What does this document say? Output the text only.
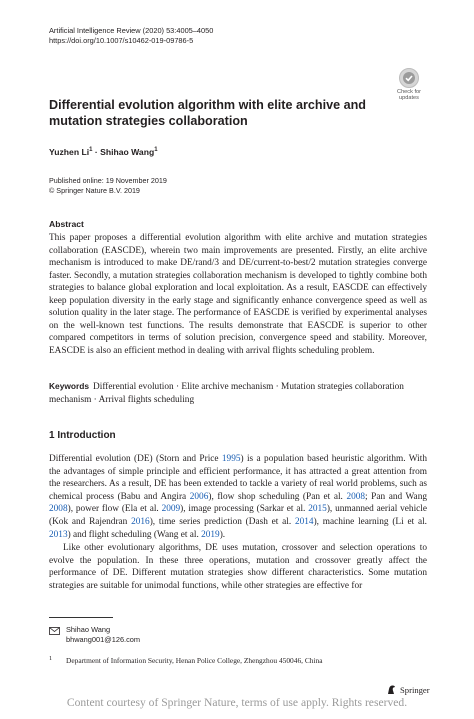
Artificial Intelligence Review (2020) 53:4005–4050
https://doi.org/10.1007/s10462-019-09786-5
Check for
updates
Differential evolution algorithm with elite archive and mutation strategies collaboration
Yuzhen $Li^1$ · Shihao Wang$^1$
Published online: 19 November 2019
© Springer Nature B.V. 2019
Abstract
This paper proposes a differential evolution algorithm with elite archive and mutation strategies collaboration (EASCDE), wherein two main improvements are presented. Firstly, an elite archive mechanism is introduced to make DE/rand/3 and DE/current-to-best/2 mutation strategies converge faster. Secondly, a mutation strategies collaboration mechanism is developed to tightly combine both strategies to balance global exploration and local exploitation. As a result, EASCDE can effectively keep population diversity in the early stage and significantly enhance convergence speed as well as solution quality in the later stage. The performance of EASCDE is verified by experimental analyses on the well-known test functions. The results demonstrate that EASCDE is superior to other compared competitors in terms of solution precision, convergence speed and stability. Moreover, EASCDE is also an efficient method in dealing with arrival flights scheduling problem.
Keywords Differential evolution · Elite archive mechanism · Mutation strategies collaboration mechanism · Arrival flights scheduling
1 Introduction
Differential evolution (DE) (Storn and Price 1995) is a population based heuristic algorithm. With the advantages of simple principle and efficient performance, it has attracted a great attention from the researchers. As a result, DE has been extended to tackle a variety of real world problems, such as chemical process (Babu and Angira 2006), flow shop scheduling (Pan et al. 2008; Pan and Wang 2008), power flow (Ela et al. 2009), image processing (Sarkar et al. 2015), unmanned aerial vehicle (Kok and Rajendran 2016), time series prediction (Dash et al. 2014), machine learning (Li et al. 2013) and flight scheduling (Wang et al. 2019).
Like other evolutionary algorithms, DE uses mutation, crossover and selection operations to evolve the population. In these three operations, mutation and crossover greatly affect the performance of DE. Different mutation strategies show different characteristics. Some mutation strategies are suitable for unimodal functions, while other strategies are effective for
Shihao Wang
bhwang001@126.com
1 Department of Information Security, Henan Police College, Zhengzhou 450046, China
Springer
Content courtesy of Springer Nature, terms of use apply. Rights reserved.
